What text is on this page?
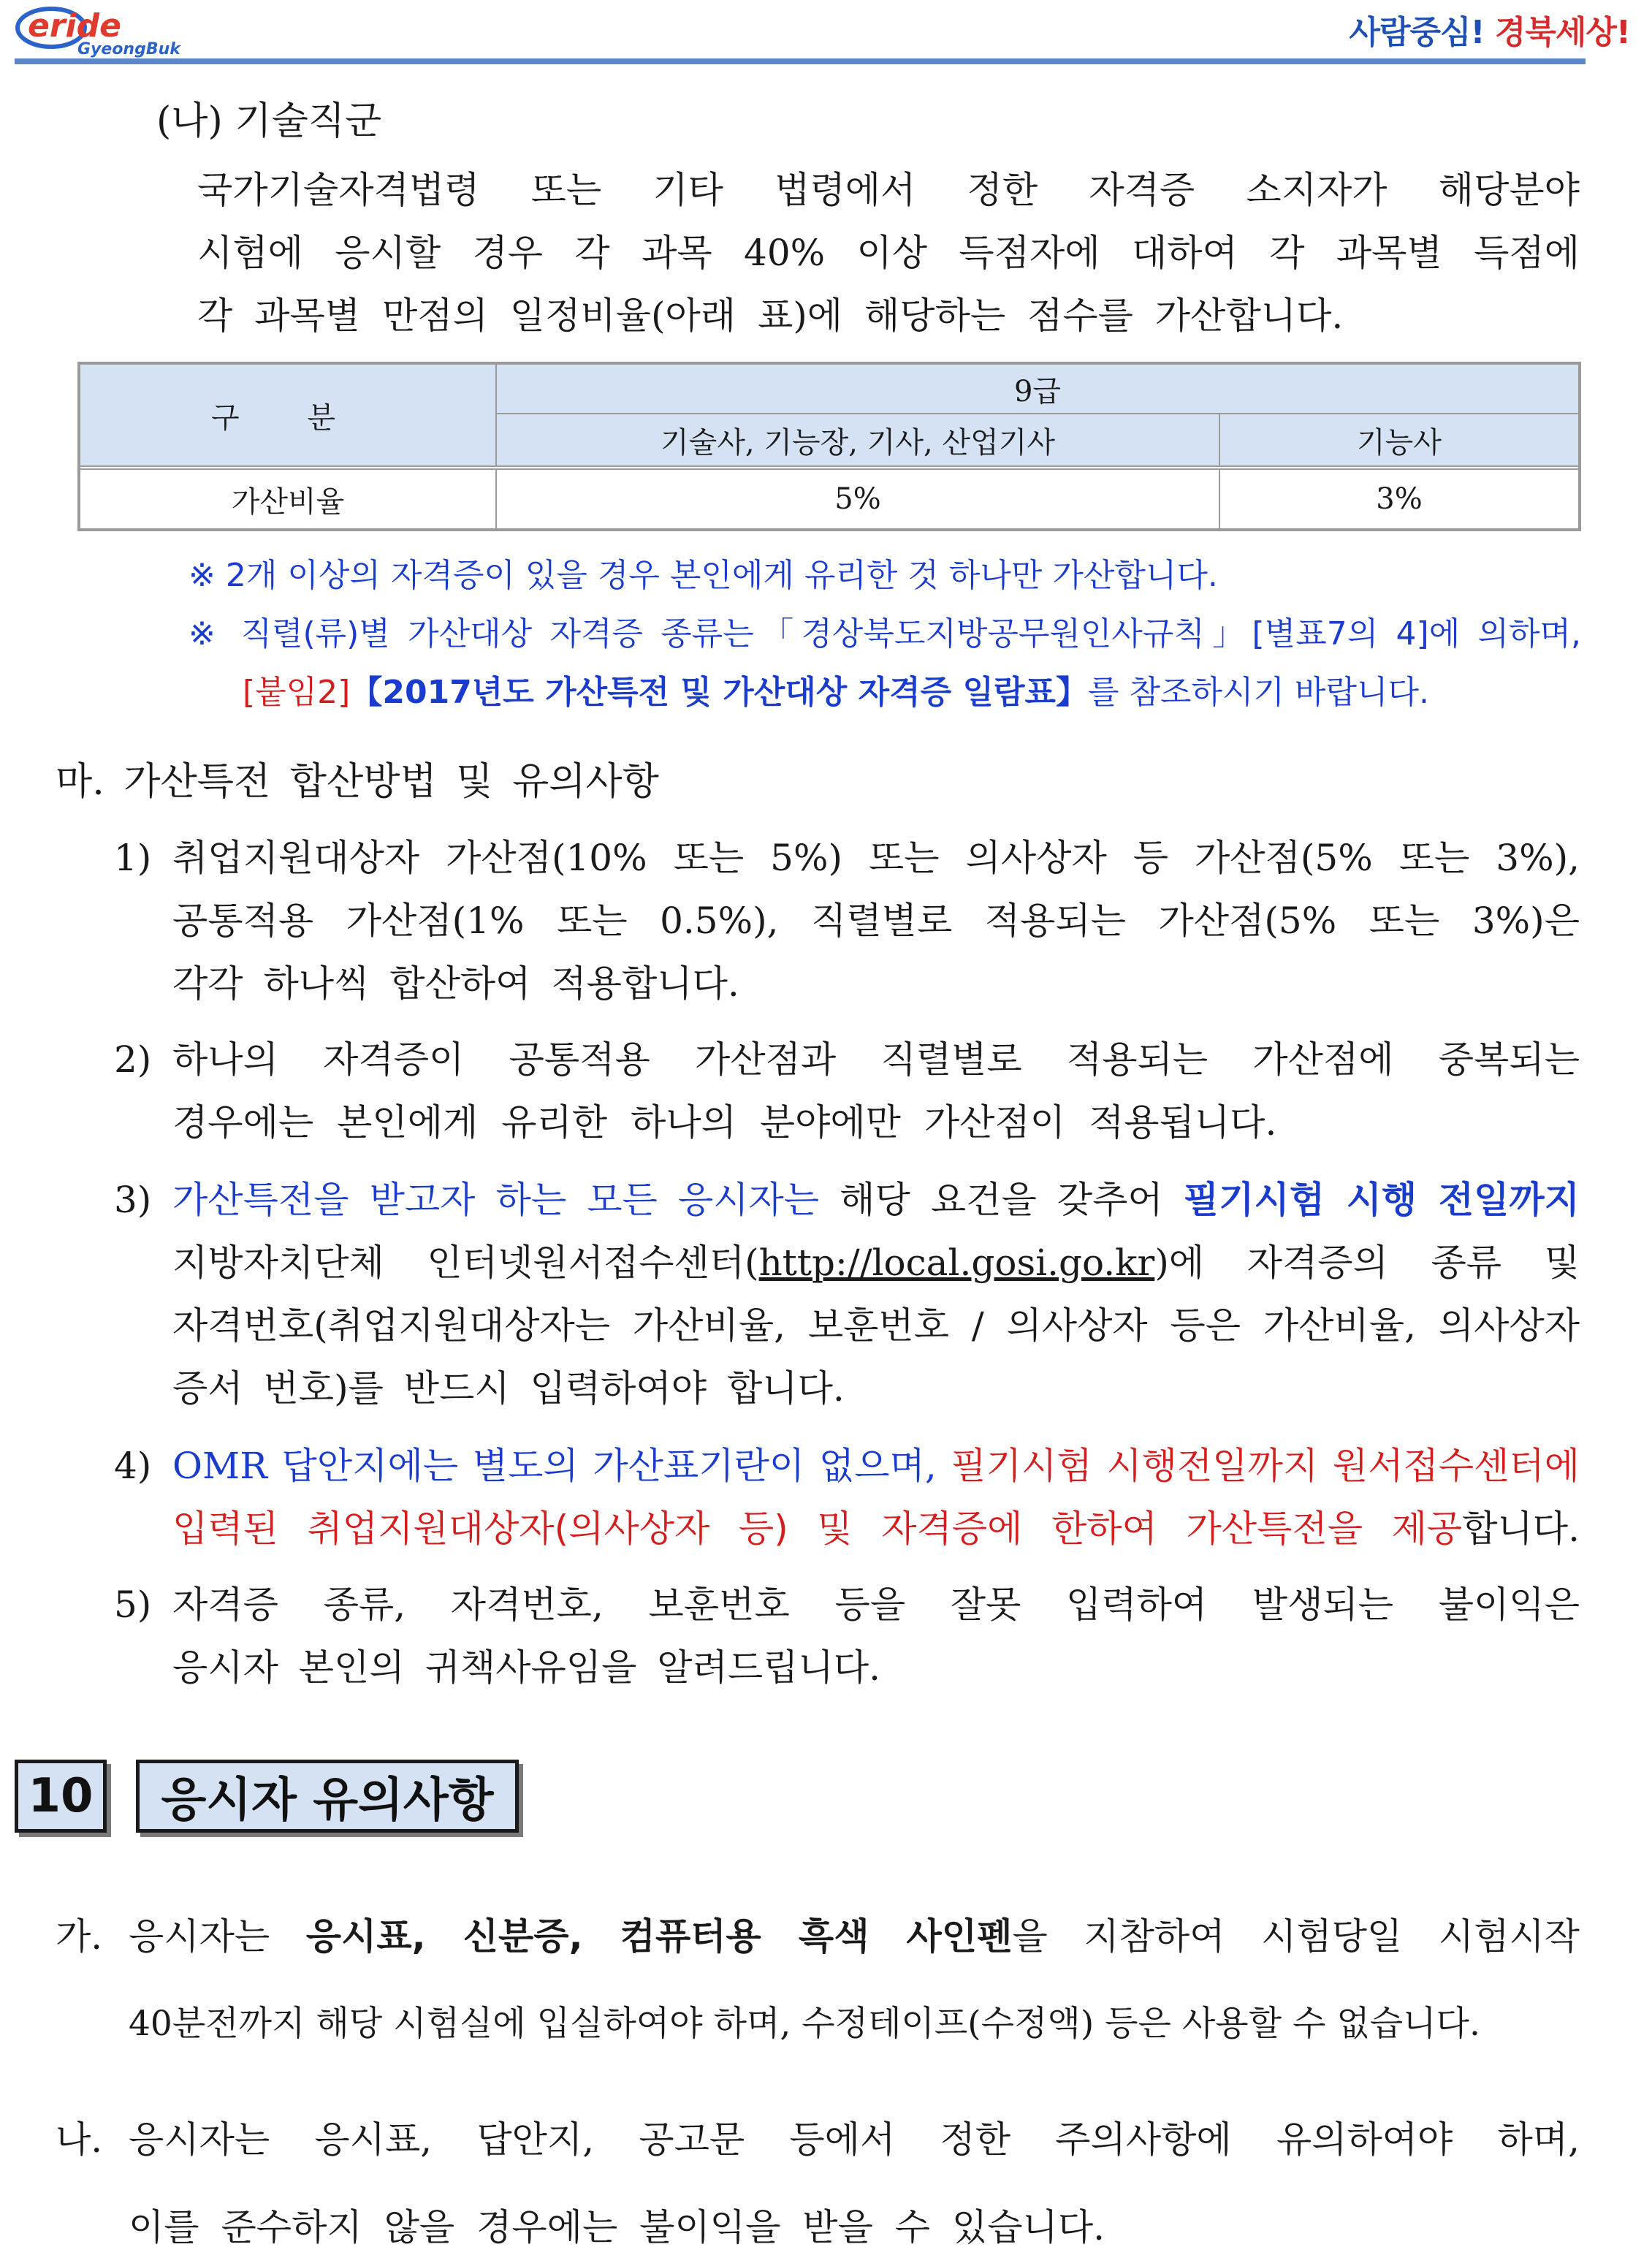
eride
GyeongBuk	사람중심! 경북세상!
(나) 기술직군
국가기술자격법령 또는 기타 법령에서 정한 자격증 소지자가 해당분야
시험에 응시할 경우 각 과목 40% 이상 득점자에 대하여 각 과목별 득점에
각 과목별 만점의 일정비율(아래 표)에 해당하는 점수를 가산합니다.
구 분
9급
기술사, 기능장, 기사, 산업기사	기능사
가산비율	5%	3%
※ 2개 이상의 자격증이 있을 경우 본인에게 유리한 것 하나만 가산합니다.
※ 직렬(류)별 가산대상 자격증 종류는「경상북도지방공무원인사규칙」[별표7의 4]에 의하며,
[붙임2]【2017년도 가산특전 및 가산대상 자격증 일람표】를 참조하시기 바랍니다.
마. 가산특전 합산방법 및 유의사항
1) 취업지원대상자 가산점(10% 또는 5%) 또는 의사상자 등 가산점(5% 또는 3%),
공통적용 가산점(1% 또는 0.5%), 직렬별로 적용되는 가산점(5% 또는 3%)은
각각 하나씩 합산하여 적용합니다.
2) 하나의 자격증이 공통적용 가산점과 직렬별로 적용되는 가산점에 중복되는
경우에는 본인에게 유리한 하나의 분야에만 가산점이 적용됩니다.
3) 가산특전을 받고자 하는 모든 응시자는 해당 요건을 갖추어 필기시험 시행 전일까지
지방자치단체 인터넷원서접수센터(http://local.gosi.go.kr)에 자격증의 종류 및
자격번호(취업지원대상자는 가산비율, 보훈번호 / 의사상자 등은 가산비율, 의사상자
증서 번호)를 반드시 입력하여야 합니다.
4) OMR 답안지에는 별도의 가산표기란이 없으며, 필기시험 시행전일까지 원서접수센터에
입력된 취업지원대상자(의사상자 등) 및 자격증에 한하여 가산특전을 제공합니다.
5) 자격증 종류, 자격번호, 보훈번호 등을 잘못 입력하여 발생되는 불이익은
응시자 본인의 귀책사유임을 알려드립니다.
10	응시자 유의사항
가. 응시자는 응시표, 신분증, 컴퓨터용 흑색 사인펜을 지참하여 시험당일 시험시작
40분전까지 해당 시험실에 입실하여야 하며, 수정테이프(수정액) 등은 사용할 수 없습니다.
나. 응시자는 응시표, 답안지, 공고문 등에서 정한 주의사항에 유의하여야 하며,
이를 준수하지 않을 경우에는 불이익을 받을 수 있습니다.
